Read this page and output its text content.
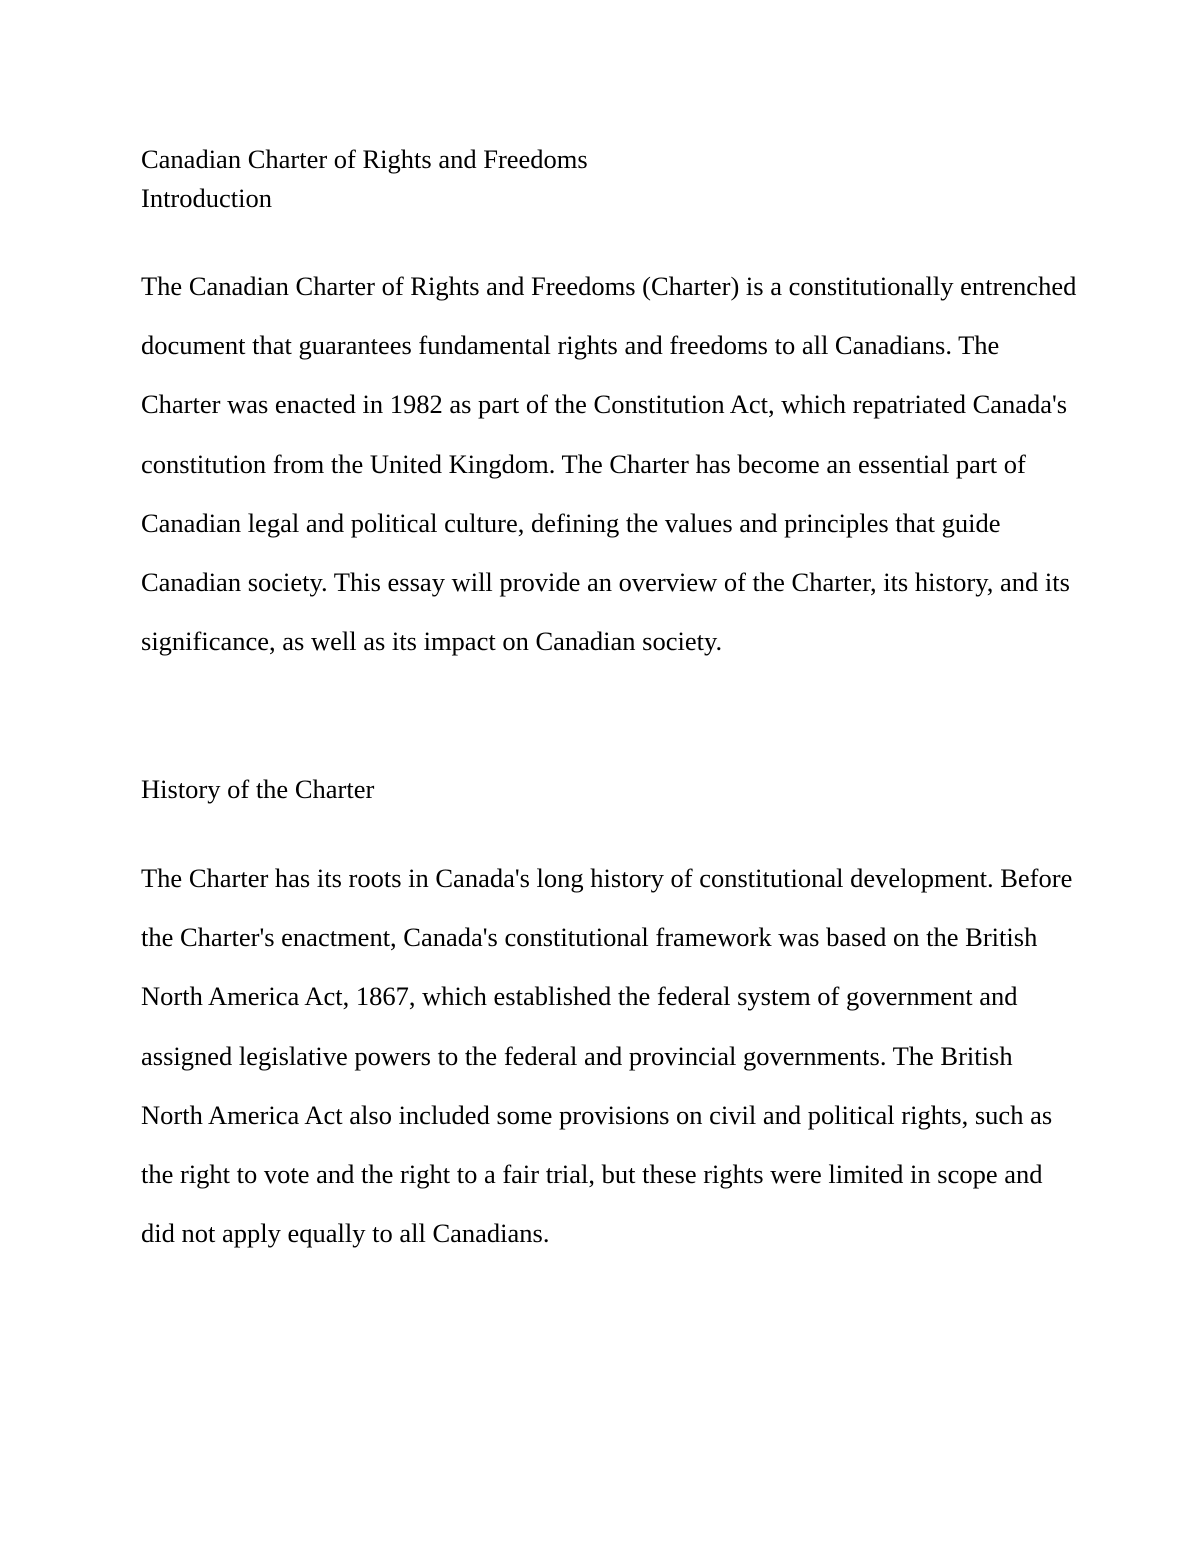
Canadian Charter of Rights and Freedoms
Introduction

The Canadian Charter of Rights and Freedoms (Charter) is a constitutionally entrenched document that guarantees fundamental rights and freedoms to all Canadians. The Charter was enacted in 1982 as part of the Constitution Act, which repatriated Canada's constitution from the United Kingdom. The Charter has become an essential part of Canadian legal and political culture, defining the values and principles that guide Canadian society. This essay will provide an overview of the Charter, its history, and its significance, as well as its impact on Canadian society.

History of the Charter

The Charter has its roots in Canada's long history of constitutional development. Before the Charter's enactment, Canada's constitutional framework was based on the British North America Act, 1867, which established the federal system of government and assigned legislative powers to the federal and provincial governments. The British North America Act also included some provisions on civil and political rights, such as the right to vote and the right to a fair trial, but these rights were limited in scope and did not apply equally to all Canadians.
